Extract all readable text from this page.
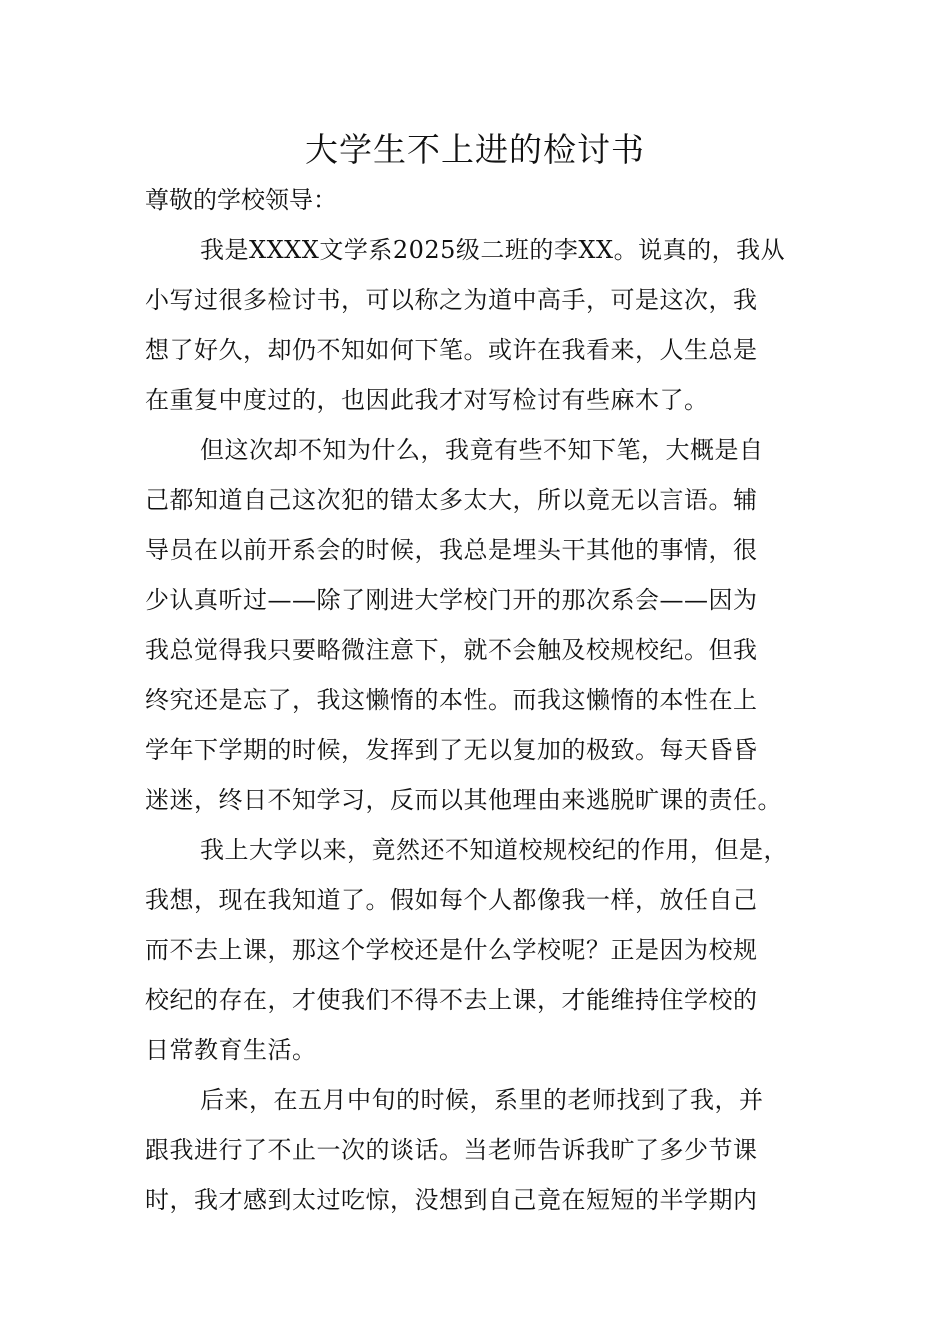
大学生不上进的检讨书

尊敬的学校领导：

我是XXXX文学系2025级二班的李XX。说真的，我从

小写过很多检讨书，可以称之为道中高手，可是这次，我

想了好久，却仍不知如何下笔。或许在我看来，人生总是

在重复中度过的，也因此我才对写检讨有些麻木了。

但这次却不知为什么，我竟有些不知下笔，大概是自

己都知道自己这次犯的错太多太大，所以竟无以言语。辅

导员在以前开系会的时候，我总是埋头干其他的事情，很

少认真听过——除了刚进大学校门开的那次系会——因为

我总觉得我只要略微注意下，就不会触及校规校纪。但我

终究还是忘了，我这懒惰的本性。而我这懒惰的本性在上

学年下学期的时候，发挥到了无以复加的极致。每天昏昏

迷迷，终日不知学习，反而以其他理由来逃脱旷课的责任。

我上大学以来，竟然还不知道校规校纪的作用，但是，

我想，现在我知道了。假如每个人都像我一样，放任自己

而不去上课，那这个学校还是什么学校呢？正是因为校规

校纪的存在，才使我们不得不去上课，才能维持住学校的

日常教育生活。

后来，在五月中旬的时候，系里的老师找到了我，并

跟我进行了不止一次的谈话。当老师告诉我旷了多少节课

时，我才感到太过吃惊，没想到自己竟在短短的半学期内
